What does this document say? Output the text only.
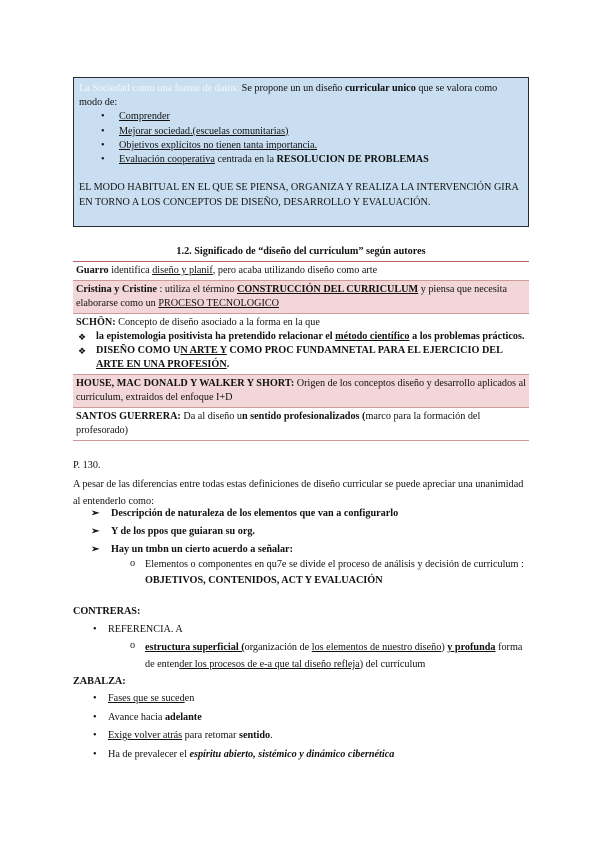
La Sociedad como una fuente de datos: Se propone un un diseño curricular unico que se valora como modo de:
• Comprender
• Mejorar sociedad.(escuelas comunitarias)
• Objetivos explícitos no tienen tanta importancia.
• Evaluación cooperativa centrada en la RESOLUCION DE PROBLEMAS
EL MODO HABITUAL EN EL QUE SE PIENSA, ORGANIZA Y REALIZA LA INTERVENCIÓN GIRA EN TORNO A LOS CONCEPTOS DE DISEÑO, DESARROLLO Y EVALUACIÓN.
1.2. Significado de “diseño del currículum” según autores
Guarro identifica diseño y planif, pero acaba utilizando diseño como arte
Cristina y Cristine : utiliza el término CONSTRUCCIÓN DEL CURRICULUM y piensa que necesita elaborarse como un PROCESO TECNOLOGICO

SCHÖN: Concepto de diseño asociado a la forma en la que
❖ la epistemologia positivista ha pretendido relacionar el método científico a los problemas prácticos.
❖ DISEÑO COMO UN ARTE Y COMO PROC FUNDAMNETAL PARA EL EJERCICIO DEL ARTE EN UNA PROFESIÓN.

HOUSE, MAC DONALD Y WALKER Y SHORT: Origen de los conceptos diseño y desarrollo aplicados al curriculum, extraidos del enfoque I+D
SANTOS GUERRERA: Da al diseño un sentido profesionalizados (marco para la formación del profesorado)
P. 130.
A pesar de las diferencias entre todas estas definiciones de diseño curricular se puede apreciar una unanimidad al entenderlo como:
➢ Descripción de naturaleza de los elementos que van a configurarlo
➢ Y de los ppos que guiaran su org.
➢ Hay un tmbn un cierto acuerdo a señalar:
o Elementos o componentes en qu7e se divide el proceso de análisis y decisión de curriculum : OBJETIVOS, CONTENIDOS, ACT Y EVALUACIÓN
CONTRERAS:
• REFERENCIA. A
o estructura superficial (organización de los elementos de nuestro diseño) y profunda forma de entender los procesos de e-a que tal diseño refleja) del currículum
ZABALZA:
• Fases que se suceden
• Avance hacia adelante
• Exige volver atrás para retomar sentido.
• Ha de prevalecer el espíritu abierto, sistémico y dinámico cibernética
